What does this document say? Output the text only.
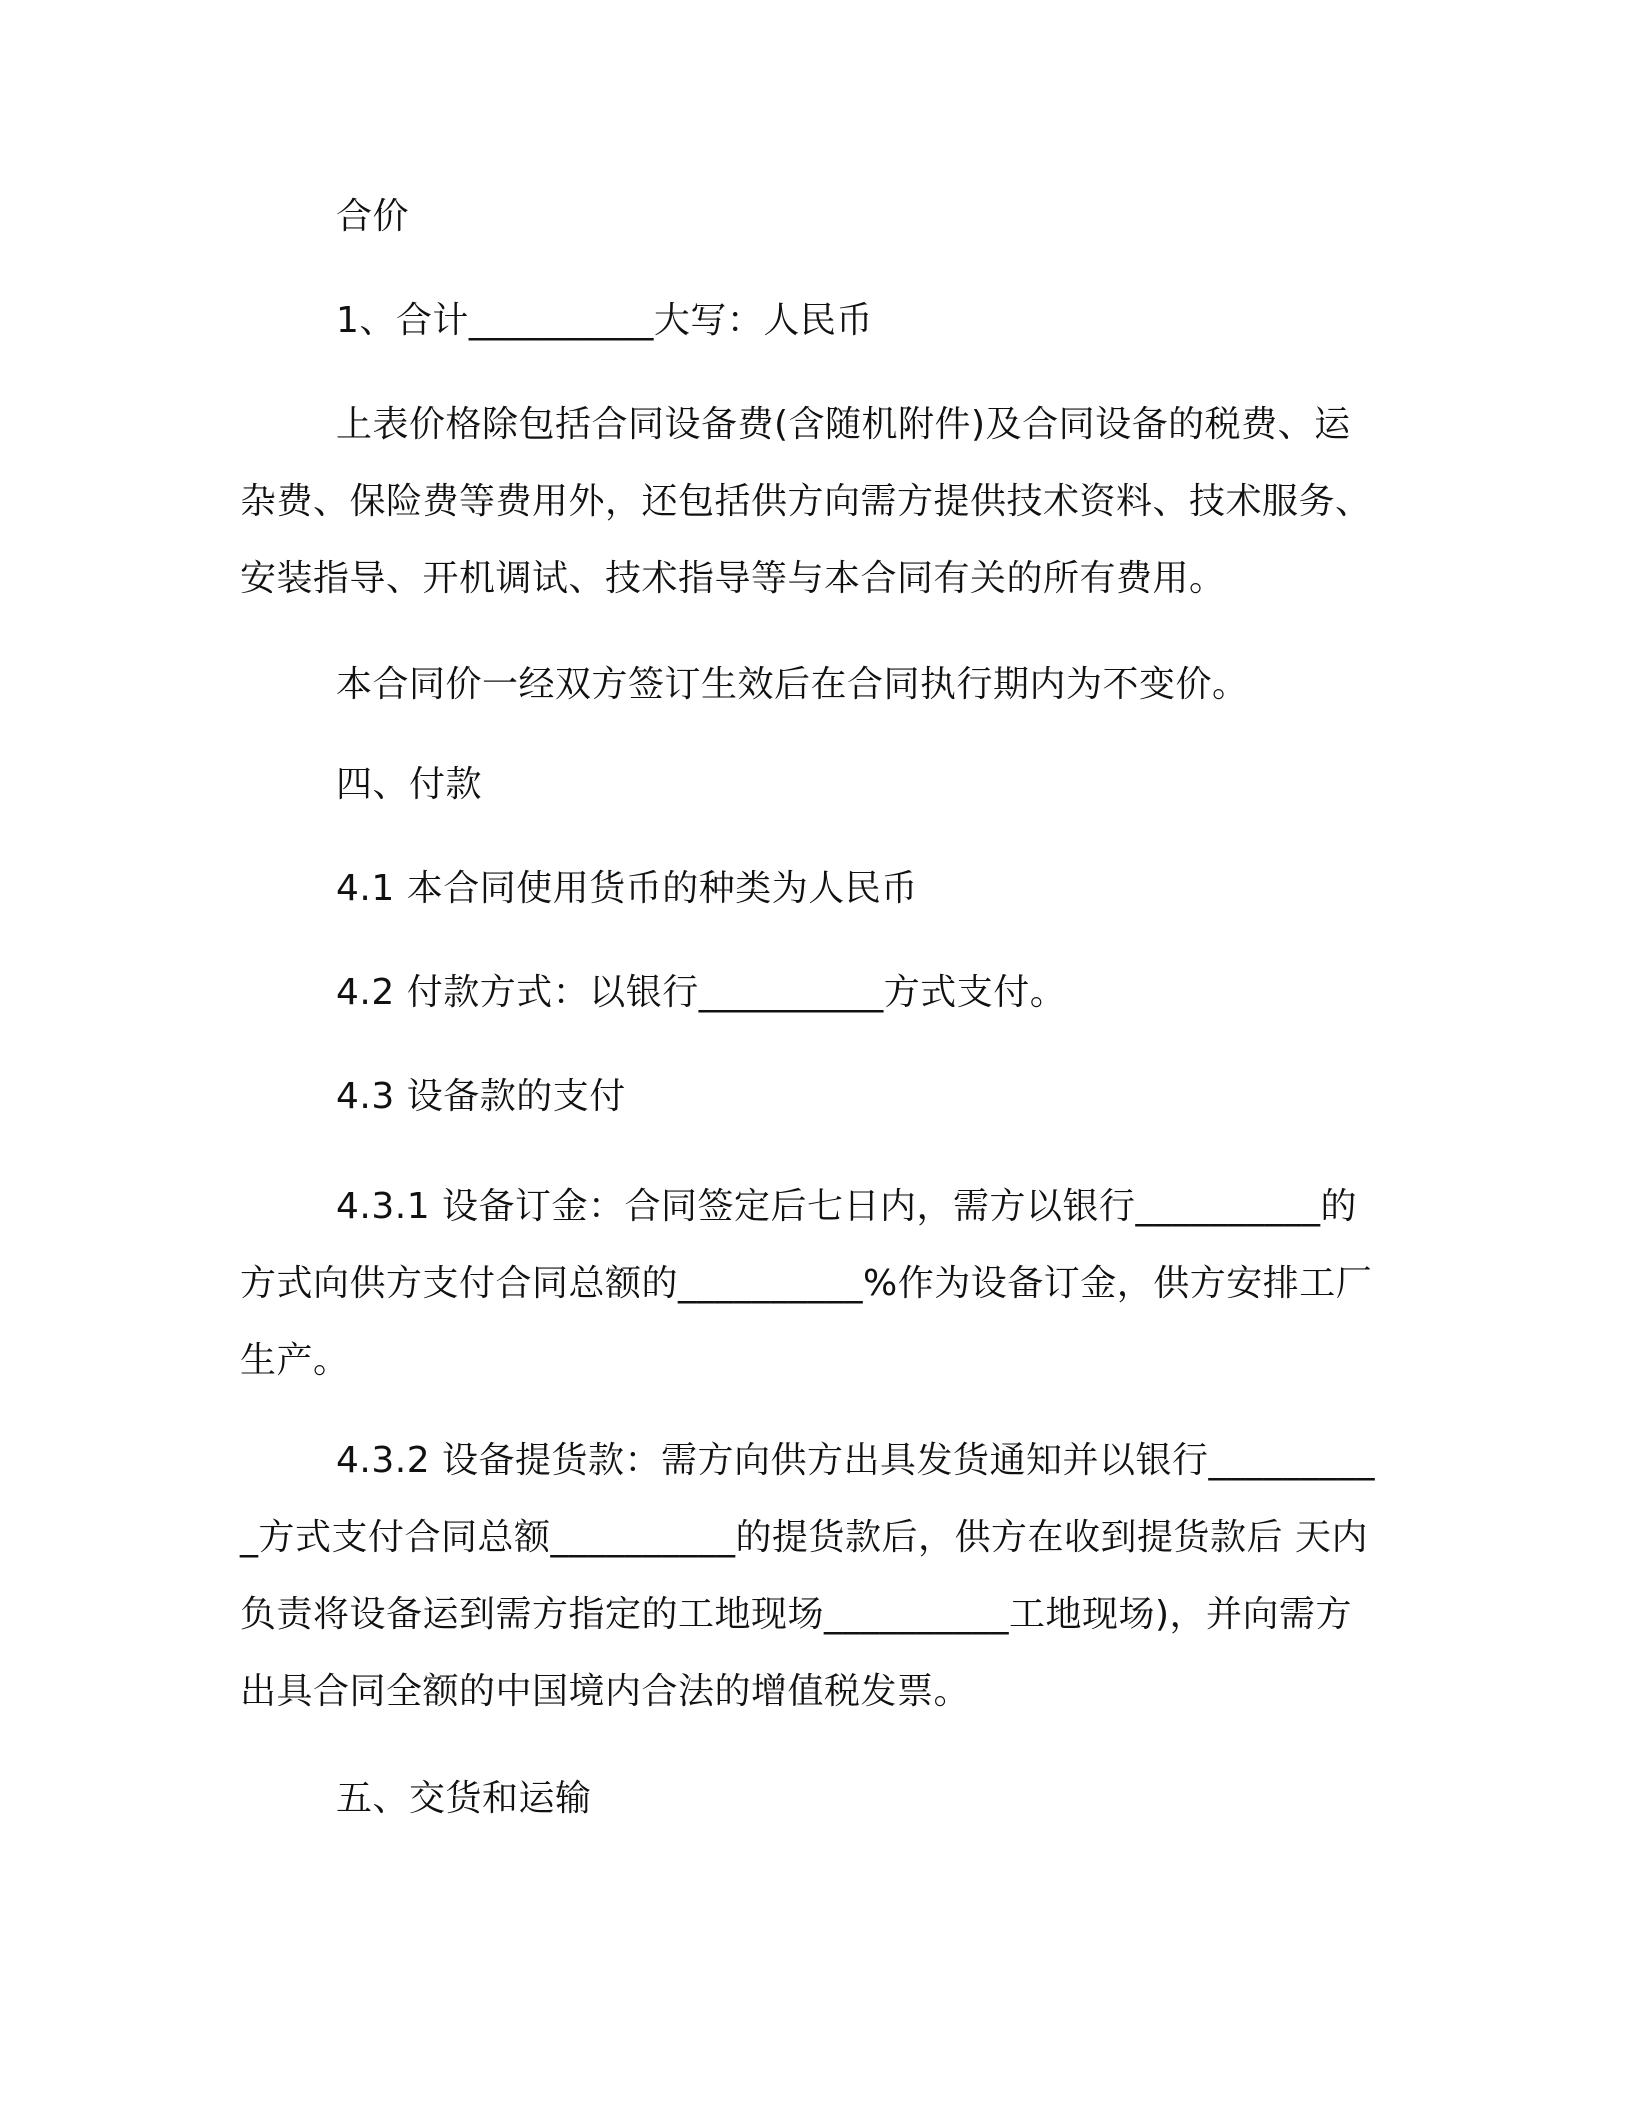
合价

1、合计__________大写：人民币

上表价格除包括合同设备费(含随机附件)及合同设备的税费、运杂费、保险费等费用外，还包括供方向需方提供技术资料、技术服务、安装指导、开机调试、技术指导等与本合同有关的所有费用。

本合同价一经双方签订生效后在合同执行期内为不变价。

四、付款

4.1 本合同使用货币的种类为人民币

4.2 付款方式：以银行__________方式支付。

4.3 设备款的支付

4.3.1 设备订金：合同签定后七日内，需方以银行__________的方式向供方支付合同总额的__________%作为设备订金，供方安排工厂生产。

4.3.2 设备提货款：需方向供方出具发货通知并以银行__________方式支付合同总额__________的提货款后，供方在收到提货款后 天内负责将设备运到需方指定的工地现场__________工地现场)，并向需方出具合同全额的中国境内合法的增值税发票。

五、交货和运输
